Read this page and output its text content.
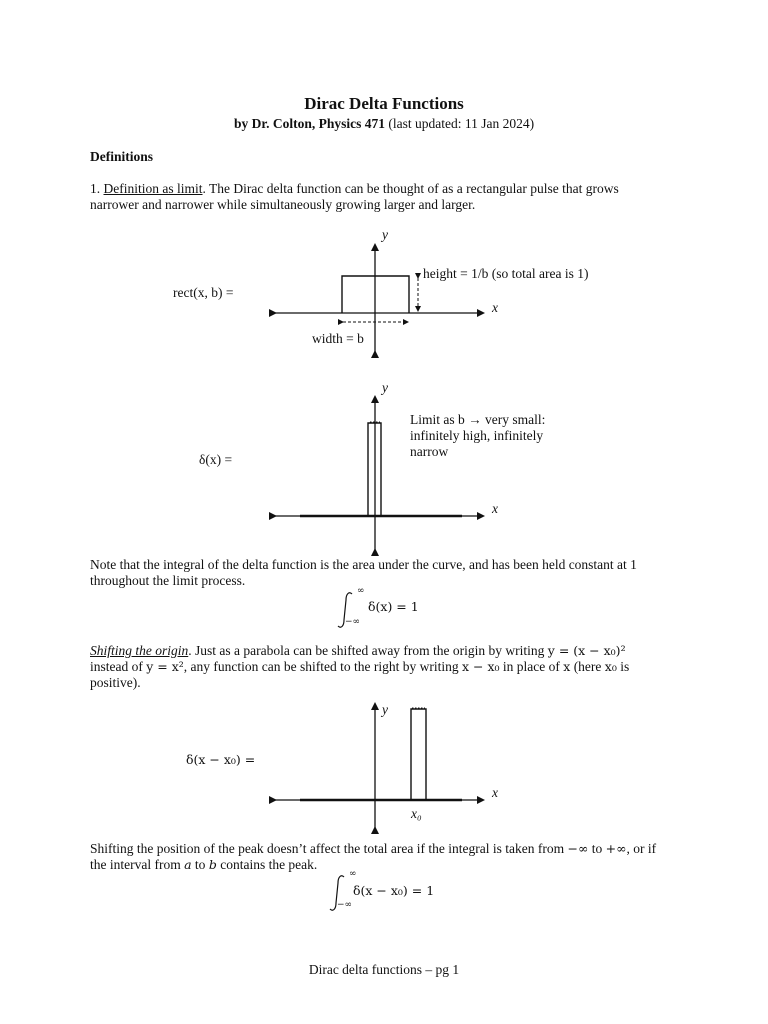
Dirac Delta Functions
by Dr. Colton, Physics 471 (last updated: 11 Jan 2024)
Definitions
1. Definition as limit. The Dirac delta function can be thought of as a rectangular pulse that grows narrower and narrower while simultaneously growing larger and larger.
rect(x, b) =
y
x
height = 1/b (so total area is 1)
width = b
δ(x) =
y
x
Limit as b → very small:
infinitely high, infinitely
narrow
Note that the integral of the delta function is the area under the curve, and has been held constant at 1 throughout the limit process.
∞
−∞
δ(x) = 1
Shifting the origin. Just as a parabola can be shifted away from the origin by writing y = (x − x₀)² instead of y = x², any function can be shifted to the right by writing x − x₀ in place of x (here x₀ is positive).
δ(x − x₀) =
y
x
x₀
Shifting the position of the peak doesn’t affect the total area if the integral is taken from −∞ to +∞, or if the interval from a to b contains the peak.
∞
−∞
δ(x − x₀) = 1
Dirac delta functions – pg 1
